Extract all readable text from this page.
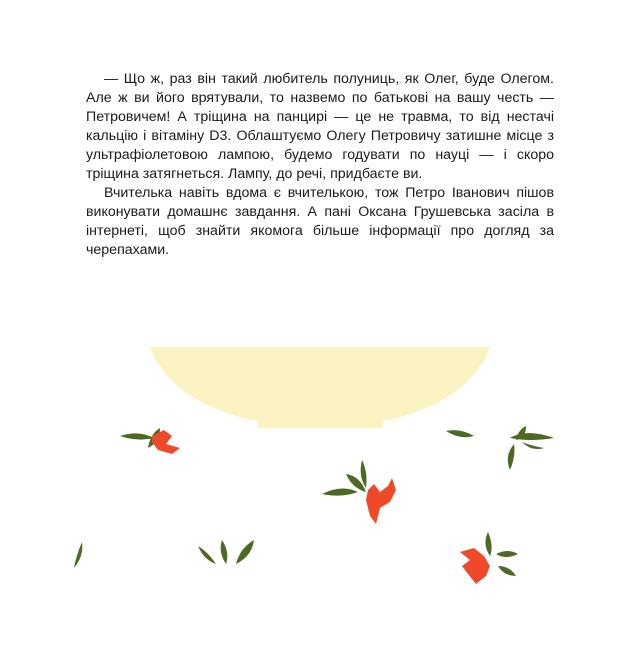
— Що ж, раз він такий любитель полуниць, як Олег, буде Олегом. Але ж ви його врятували, то назвемо по батькові на вашу честь — Петровичем! А тріщина на панцирі — це не травма, то від нестачі кальцію і вітаміну D3. Облаштуємо Олегу Петровичу затишне місце з ультрафіолетовою лампою, будемо годувати по науці — і скоро тріщина затягнеться. Лампу, до речі, придбаєте ви.

Вчителька навіть вдома є вчителькою, тож Петро Іванович пішов виконувати домашнє завдання. А пані Оксана Грушевська засіла в інтернеті, щоб знайти якомога більше інформації про догляд за черепахами.
